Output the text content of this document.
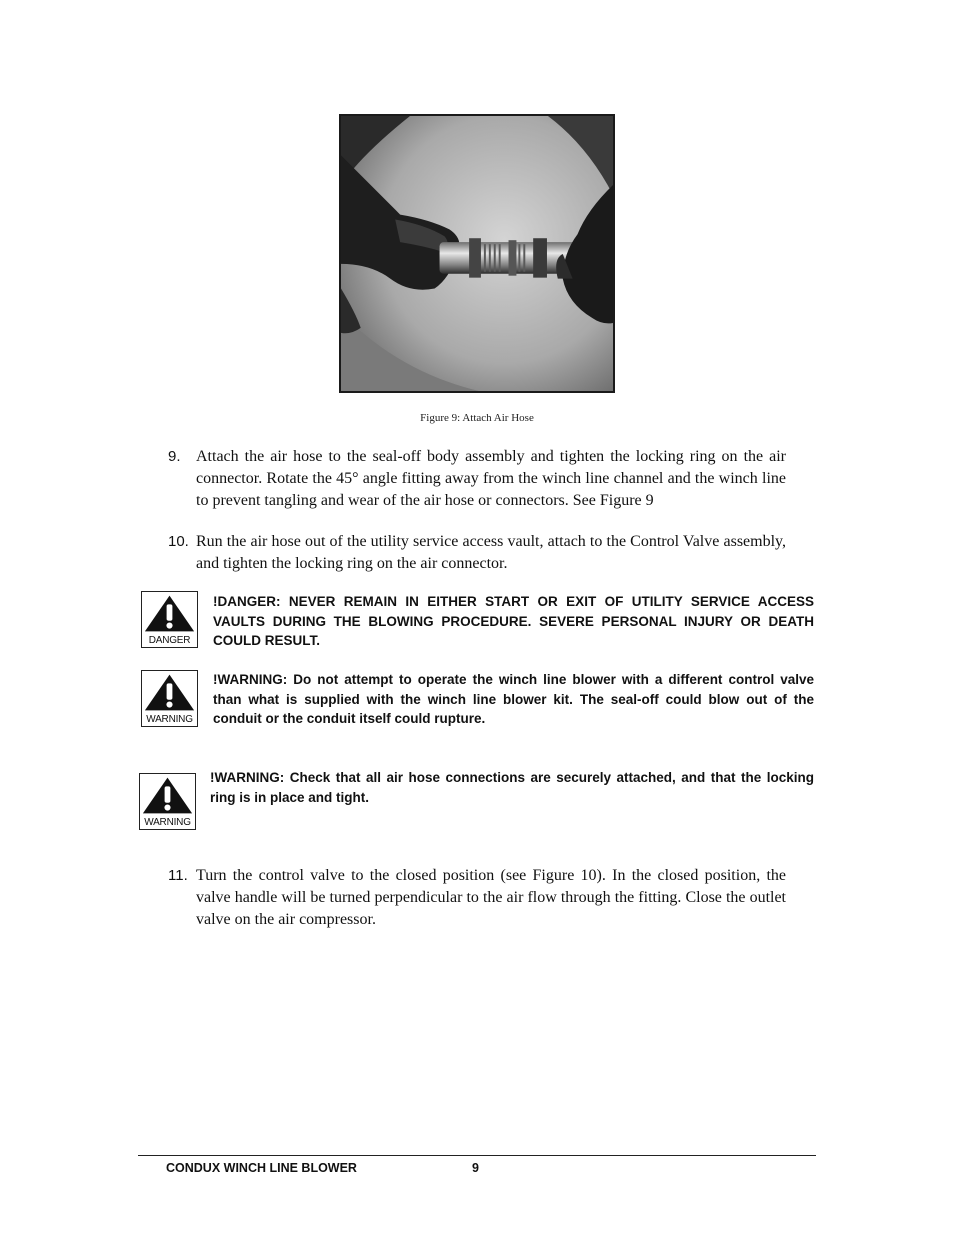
Figure 9: Attach Air Hose
9. Attach the air hose to the seal-off body assembly and tighten the locking ring on the air connector. Rotate the 45° angle fitting away from the winch line channel and the winch line to prevent tangling and wear of the air hose or connectors. See Figure 9
10. Run the air hose out of the utility service access vault, attach to the Control Valve assembly, and tighten the locking ring on the air connector.
DANGER
!DANGER: NEVER REMAIN IN EITHER START OR EXIT OF UTILITY SERVICE ACCESS VAULTS DURING THE BLOWING PROCEDURE. SEVERE PERSONAL INJURY OR DEATH COULD RESULT.
WARNING
!WARNING: Do not attempt to operate the winch line blower with a different control valve than what is supplied with the winch line blower kit. The seal-off could blow out of the conduit or the conduit itself could rupture.
WARNING
!WARNING: Check that all air hose connections are securely attached, and that the locking ring is in place and tight.
11. Turn the control valve to the closed position (see Figure 10). In the closed position, the valve handle will be turned perpendicular to the air flow through the fitting. Close the outlet valve on the air compressor.
CONDUX WINCH LINE BLOWER	9
